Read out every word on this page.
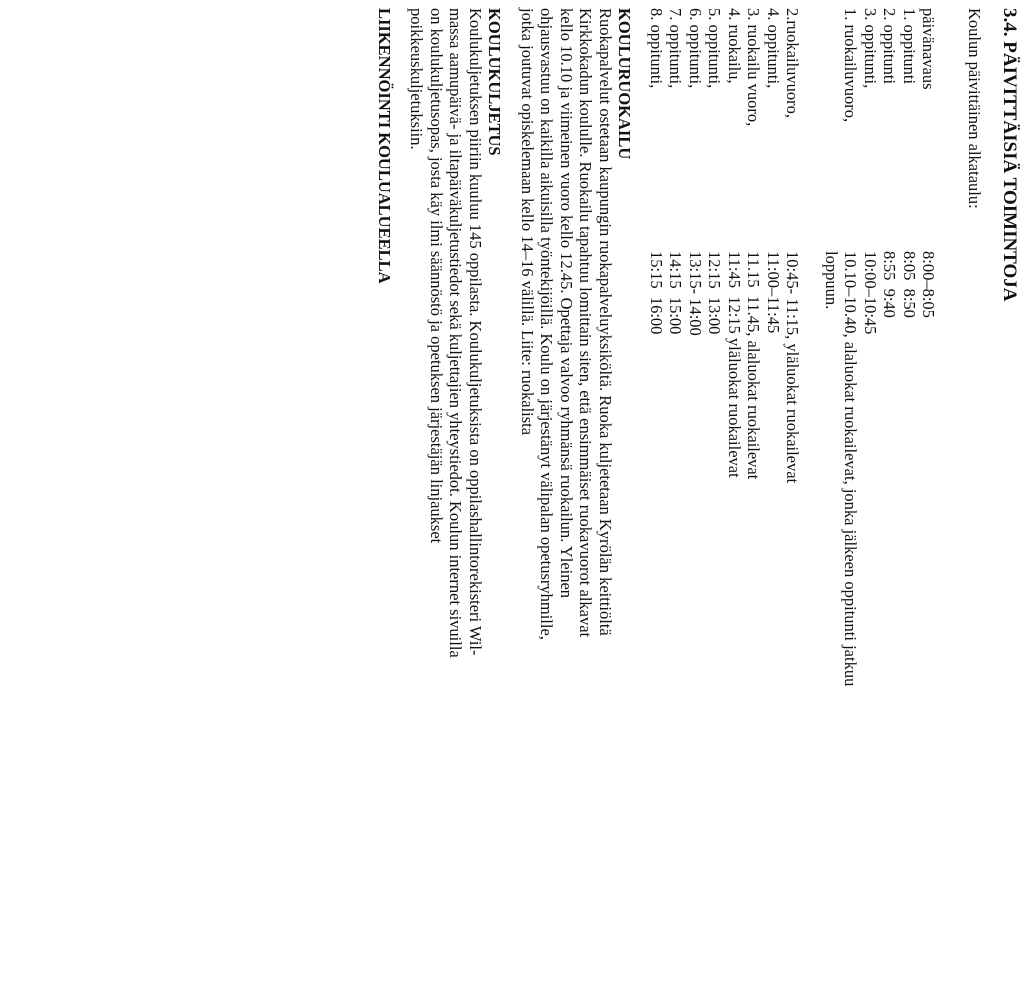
3.4. PÄIVITTÄISIÄ TOIMINTOJA
Koulun päivittäinen alkataulu:
päivänavaus
8:00–8:05
1. oppitunti
8:05  8:50
2. oppitunti
8:55  9:40
3. oppitunti,
10:00–10:45
1. ruokailuvuoro,
10.10–10.40, alaluokat ruokailevat, jonka jälkeen oppitunti jatkuu
loppuun.
2.ruokailuvuoro,
10:45- 11:15, yläluokat ruokailevat
4. oppitunti,
11:00–11:45
3. ruokailu vuoro,
11.15  11.45, alaluokat ruokailevat
4. ruokailu,
11:45  12:15 yläluokat ruokailevat
5. oppitunti,
12:15  13:00
6. oppitunti,
13:15- 14:00
7. oppitunti,
14:15  15:00
8. oppitunti,
15:15  16:00
KOULURUOKAILU

Ruokapalvelut ostetaan kaupungin ruokapalveluyksiköltä. Ruoka kuljetetaan Kyrölän keittiöltä

Kirkkokadun koululle. Ruokailu tapahtuu lomittain siten, että ensimmäiset ruokavuorot alkavat

kello 10.10 ja viimeinen vuoro kello 12.45. Opettaja valvoo ryhmänsä ruokailun. Yleinen

ohjausvastuu on kaikilla aikuisilla työntekijöillä. Koulu on järjestänyt välipalan opetusryhmille,

jotka joutuvat opiskelemaan kello 14–16 välillä. Liite: ruokalista

KOULUKULJETUS

Koulukuljetuksen piiriin kuuluu 145 oppilasta. Koulukuljetuksista on oppilashallintorekisteri Wil-

massa aamupäivä- ja iltapäiväkuljetustiedot sekä kuljettajien yhteystiedot. Koulun internet sivuilla

on koulukuljetusopas, josta käy ilmi säännöstö ja opetuksen järjestäjän linjaukset

poikkeuskuljetuksiin.

LIIKENNÖINTI KOULUALUEELLA
